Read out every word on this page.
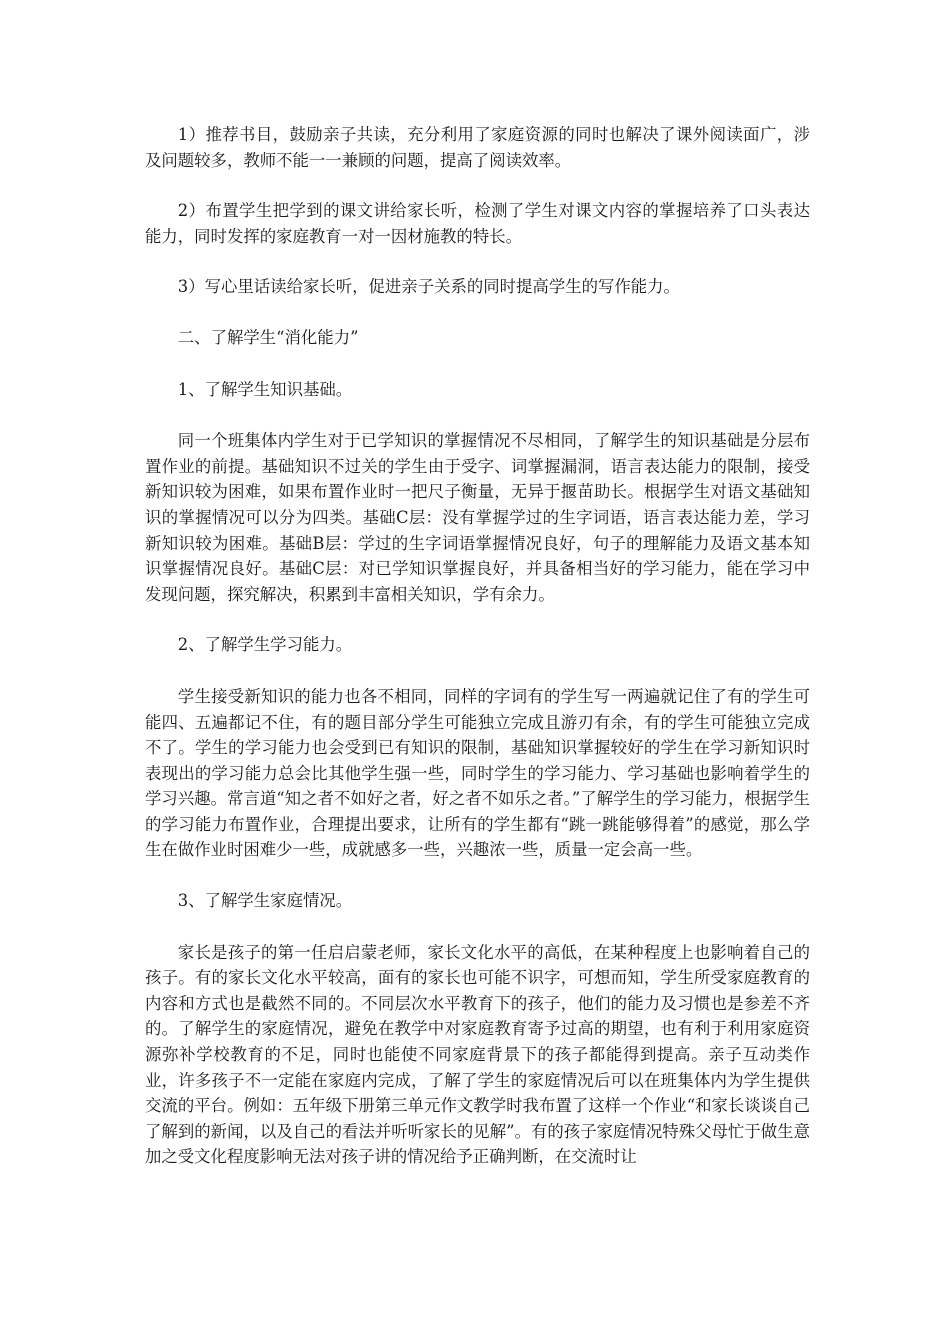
1）推荐书目，鼓励亲子共读，充分利用了家庭资源的同时也解决了课外阅读面广，涉及问题较多，教师不能一一兼顾的问题，提高了阅读效率。

2）布置学生把学到的课文讲给家长听，检测了学生对课文内容的掌握培养了口头表达能力，同时发挥的家庭教育一对一因材施教的特长。

3）写心里话读给家长听，促进亲子关系的同时提高学生的写作能力。

二、了解学生“消化能力”

1、了解学生知识基础。

同一个班集体内学生对于已学知识的掌握情况不尽相同，了解学生的知识基础是分层布置作业的前提。基础知识不过关的学生由于受字、词掌握漏洞，语言表达能力的限制，接受新知识较为困难，如果布置作业时一把尺子衡量，无异于揠苗助长。根据学生对语文基础知识的掌握情况可以分为四类。基础C层：没有掌握学过的生字词语，语言表达能力差，学习新知识较为困难。基础B层：学过的生字词语掌握情况良好，句子的理解能力及语文基本知识掌握情况良好。基础C层：对已学知识掌握良好，并具备相当好的学习能力，能在学习中发现问题，探究解决，积累到丰富相关知识，学有余力。

2、了解学生学习能力。

学生接受新知识的能力也各不相同，同样的字词有的学生写一两遍就记住了有的学生可能四、五遍都记不住，有的题目部分学生可能独立完成且游刃有余，有的学生可能独立完成不了。学生的学习能力也会受到已有知识的限制，基础知识掌握较好的学生在学习新知识时表现出的学习能力总会比其他学生强一些，同时学生的学习能力、学习基础也影响着学生的学习兴趣。常言道“知之者不如好之者，好之者不如乐之者。”了解学生的学习能力，根据学生的学习能力布置作业，合理提出要求，让所有的学生都有“跳一跳能够得着”的感觉，那么学生在做作业时困难少一些，成就感多一些，兴趣浓一些，质量一定会高一些。

3、了解学生家庭情况。

家长是孩子的第一任启启蒙老师，家长文化水平的高低，在某种程度上也影响着自己的孩子。有的家长文化水平较高，面有的家长也可能不识字，可想而知，学生所受家庭教育的内容和方式也是截然不同的。不同层次水平教育下的孩子，他们的能力及习惯也是参差不齐的。了解学生的家庭情况，避免在教学中对家庭教育寄予过高的期望，也有利于利用家庭资源弥补学校教育的不足，同时也能使不同家庭背景下的孩子都能得到提高。亲子互动类作业，许多孩子不一定能在家庭内完成，了解了学生的家庭情况后可以在班集体内为学生提供交流的平台。例如：五年级下册第三单元作文教学时我布置了这样一个作业“和家长谈谈自己了解到的新闻，以及自己的看法并听听家长的见解”。有的孩子家庭情况特殊父母忙于做生意加之受文化程度影响无法对孩子讲的情况给予正确判断，在交流时让
